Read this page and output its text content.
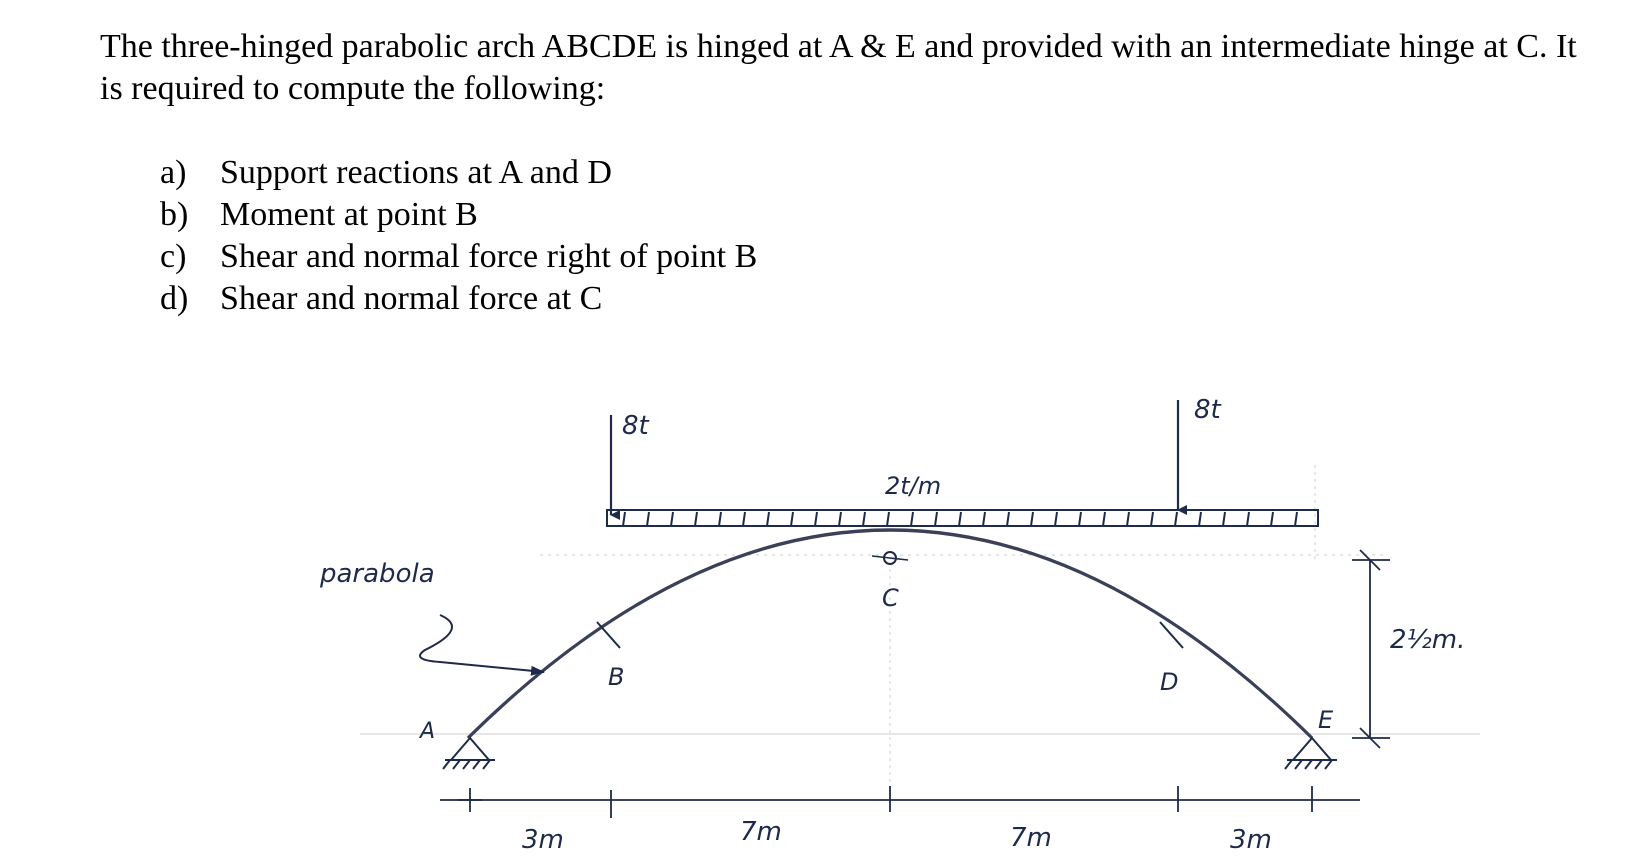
The three-hinged parabolic arch ABCDE is hinged at A & E and provided with an intermediate hinge at C. It is required to compute the following:

a) Support reactions at A and D
b) Moment at point B
c) Shear and normal force right of point B
d) Shear and normal force at C
8t
8t
2t/m
parabola
A
B
C
D
E
3m	7m	7m	3m
2½m.
